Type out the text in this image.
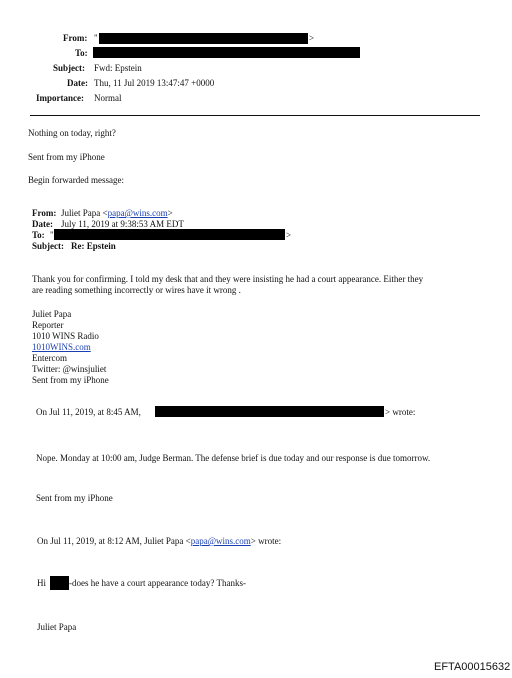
From: "	>
To:
Subject: Fwd: Epstein
Date: Thu, 11 Jul 2019 13:47:47 +0000
Importance: Normal
Nothing on today, right?
Sent from my iPhone
Begin forwarded message:
From: Juliet Papa <papa@wins.com>
Date: July 11, 2019 at 9:38:53 AM EDT
To: "	>
Subject: Re: Epstein
Thank you for confirming. I told my desk that and they were insisting he had a court appearance. Either they
are reading something incorrectly or wires have it wrong .
Juliet Papa
Reporter
1010 WINS Radio
1010WINS.com
Entercom
Twitter: @winsjuliet
Sent from my iPhone
On Jul 11, 2019, at 8:45 AM,	> wrote:
Nope. Monday at 10:00 am, Judge Berman. The defense brief is due today and our response is due tomorrow.
Sent from my iPhone
On Jul 11, 2019, at 8:12 AM, Juliet Papa <papa@wins.com> wrote:
Hi	-does he have a court appearance today? Thanks-
Juliet Papa
EFTA00015632
